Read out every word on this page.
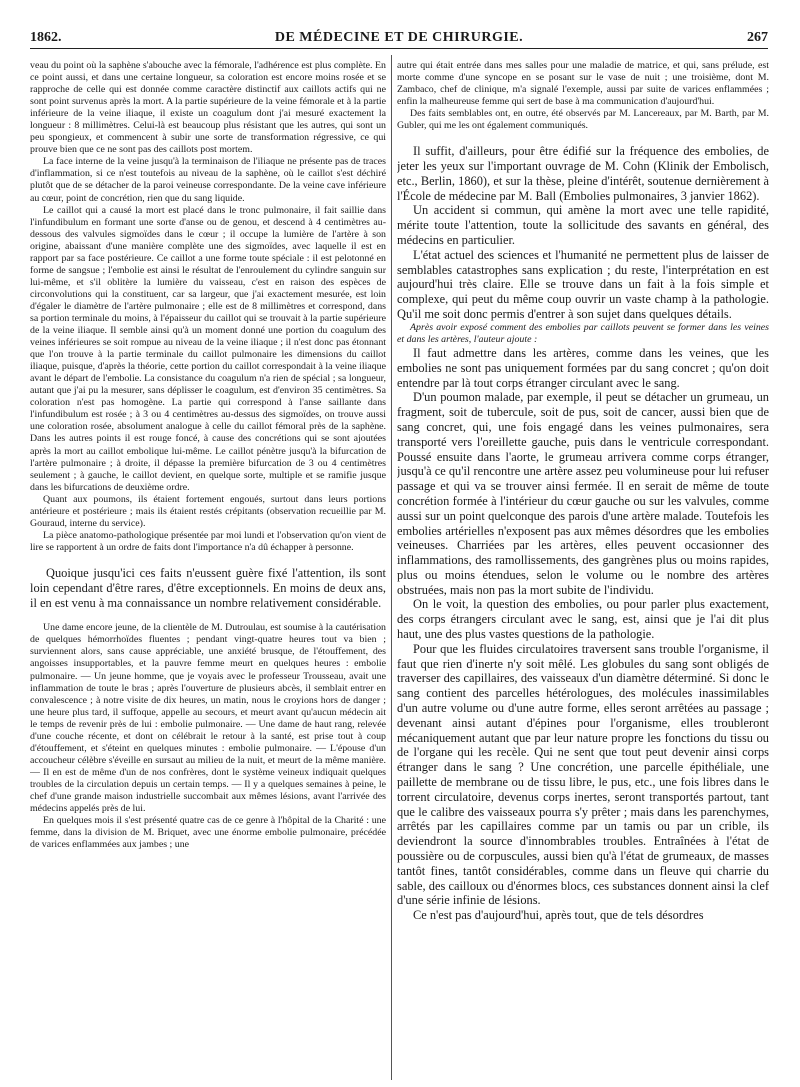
1862.	DE MÉDECINE ET DE CHIRURGIE.	267

veau du point où la saphène s'abouche avec la fémorale, l'adhérence est plus complète. En ce point aussi, et dans une certaine longueur, sa coloration est encore moins rosée et se rapproche de celle qui est donnée comme caractère distinctif aux caillots actifs qui ne sont point survenus après la mort. A la partie supérieure de la veine fémorale et à la partie inférieure de la veine iliaque, il existe un coagulum dont j'ai mesuré exactement la longueur : 8 millimètres. Celui-là est beaucoup plus résistant que les autres, qui sont un peu spongieux, et commencent à subir une sorte de transformation régressive, ce qui prouve bien que ce ne sont pas des caillots post mortem.

La face interne de la veine jusqu'à la terminaison de l'iliaque ne présente pas de traces d'inflammation, si ce n'est toutefois au niveau de la saphène, où le caillot s'est déchiré plutôt que de se détacher de la paroi veineuse correspondante. De la veine cave inférieure au cœur, point de concrétion, rien que du sang liquide.

Le caillot qui a causé la mort est placé dans le tronc pulmonaire, il fait saillie dans l'infundibulum en formant une sorte d'anse ou de genou, et descend à 4 centimètres au-dessous des valvules sigmoïdes dans le cœur ; il occupe la lumière de l'artère à son origine, abaissant d'une manière complète une des sigmoïdes, avec laquelle il est en rapport par sa face postérieure. Ce caillot a une forme toute spéciale : il est pelotonné en forme de sangsue ; l'embolie est ainsi le résultat de l'enroulement du cylindre sanguin sur lui-même, et s'il oblitère la lumière du vaisseau, c'est en raison des espèces de circonvolutions qui la constituent, car sa largeur, que j'ai exactement mesurée, est loin d'égaler le diamètre de l'artère pulmonaire ; elle est de 8 millimètres et correspond, dans sa portion terminale du moins, à l'épaisseur du caillot qui se trouvait à la partie supérieure de la veine iliaque. Il semble ainsi qu'à un moment donné une portion du coagulum des veines inférieures se soit rompue au niveau de la veine iliaque ; il n'est donc pas étonnant que l'on trouve à la partie terminale du caillot pulmonaire les dimensions du caillot iliaque, puisque, d'après la théorie, cette portion du caillot correspondait à la veine iliaque avant le départ de l'embolie. La consistance du coagulum n'a rien de spécial ; sa longueur, autant que j'ai pu la mesurer, sans déplisser le coagulum, est d'environ 35 centimètres. Sa coloration n'est pas homogène. La partie qui correspond à l'anse saillante dans l'infundibulum est rosée ; à 3 ou 4 centimètres au-dessus des sigmoïdes, on trouve aussi une coloration rosée, absolument analogue à celle du caillot fémoral près de la saphène. Dans les autres points il est rouge foncé, à cause des concrétions qui se sont ajoutées après la mort au caillot embolique lui-même. Le caillot pénètre jusqu'à la bifurcation de l'artère pulmonaire ; à droite, il dépasse la première bifurcation de 3 ou 4 centimètres seulement ; à gauche, le caillot devient, en quelque sorte, multiple et se ramifie jusque dans les bifurcations de deuxième ordre.

Quant aux poumons, ils étaient fortement engoués, surtout dans leurs portions antérieure et postérieure ; mais ils étaient restés crépitants (observation recueillie par M. Gouraud, interne du service).

La pièce anatomo-pathologique présentée par moi lundi et l'observation qu'on vient de lire se rapportent à un ordre de faits dont l'importance n'a dû échapper à personne.

Quoique jusqu'ici ces faits n'eussent guère fixé l'attention, ils sont loin cependant d'être rares, d'être exceptionnels. En moins de deux ans, il en est venu à ma connaissance un nombre relativement considérable.

Une dame encore jeune, de la clientèle de M. Dutroulau, est soumise à la cautérisation de quelques hémorrhoïdes fluentes ; pendant vingt-quatre heures tout va bien ; surviennent alors, sans cause appréciable, une anxiété brusque, de l'étouffement, des angoisses insupportables, et la pauvre femme meurt en quelques heures : embolie pulmonaire. — Un jeune homme, que je voyais avec le professeur Trousseau, avait une inflammation de toute le bras ; après l'ouverture de plusieurs abcès, il semblait entrer en convalescence ; à notre visite de dix heures, un matin, nous le croyions hors de danger ; une heure plus tard, il suffoque, appelle au secours, et meurt avant qu'aucun médecin ait le temps de revenir près de lui : embolie pulmonaire. — Une dame de haut rang, relevée d'une couche récente, et dont on célébrait le retour à la santé, est prise tout à coup d'étouffement, et s'éteint en quelques minutes : embolie pulmonaire. — L'épouse d'un accoucheur célèbre s'éveille en sursaut au milieu de la nuit, et meurt de la même manière. — Il en est de même d'un de nos confrères, dont le système veineux indiquait quelques troubles de la circulation depuis un certain temps. — Il y a quelques semaines à peine, le chef d'une grande maison industrielle succombait aux mêmes lésions, avant l'arrivée des médecins appelés près de lui.

En quelques mois il s'est présenté quatre cas de ce genre à l'hôpital de la Charité : une femme, dans la division de M. Briquet, avec une énorme embolie pulmonaire, précédée de varices enflammées aux jambes ; une

autre qui était entrée dans mes salles pour une maladie de matrice, et qui, sans prélude, est morte comme d'une syncope en se posant sur le vase de nuit ; une troisième, dont M. Zambaco, chef de clinique, m'a signalé l'exemple, aussi par suite de varices enflammées ; enfin la malheureuse femme qui sert de base à ma communication d'aujourd'hui.

Des faits semblables ont, en outre, été observés par M. Lancereaux, par M. Barth, par M. Gubler, qui me les ont également communiqués.

Il suffit, d'ailleurs, pour être édifié sur la fréquence des embolies, de jeter les yeux sur l'important ouvrage de M. Cohn (Klinik der Embolisch, etc., Berlin, 1860), et sur la thèse, pleine d'intérêt, soutenue dernièrement à l'École de médecine par M. Ball (Embolies pulmonaires, 3 janvier 1862).

Un accident si commun, qui amène la mort avec une telle rapidité, mérite toute l'attention, toute la sollicitude des savants en général, des médecins en particulier.

L'état actuel des sciences et l'humanité ne permettent plus de laisser de semblables catastrophes sans explication ; du reste, l'interprétation en est aujourd'hui très claire. Elle se trouve dans un fait à la fois simple et complexe, qui peut du même coup ouvrir un vaste champ à la pathologie. Qu'il me soit donc permis d'entrer à son sujet dans quelques détails.

Après avoir exposé comment des embolies par caillots peuvent se former dans les veines et dans les artères, l'auteur ajoute :

Il faut admettre dans les artères, comme dans les veines, que les embolies ne sont pas uniquement formées par du sang concret ; qu'on doit entendre par là tout corps étranger circulant avec le sang.

D'un poumon malade, par exemple, il peut se détacher un grumeau, un fragment, soit de tubercule, soit de pus, soit de cancer, aussi bien que de sang concret, qui, une fois engagé dans les veines pulmonaires, sera transporté vers l'oreillette gauche, puis dans le ventricule correspondant. Poussé ensuite dans l'aorte, le grumeau arrivera comme corps étranger, jusqu'à ce qu'il rencontre une artère assez peu volumineuse pour lui refuser passage et qui va se trouver ainsi fermée. Il en serait de même de toute concrétion formée à l'intérieur du cœur gauche ou sur les valvules, comme aussi sur un point quelconque des parois d'une artère malade. Toutefois les embolies artérielles n'exposent pas aux mêmes désordres que les embolies veineuses. Charriées par les artères, elles peuvent occasionner des inflammations, des ramollissements, des gangrènes plus ou moins rapides, plus ou moins étendues, selon le volume ou le nombre des artères obstruées, mais non pas la mort subite de l'individu.

On le voit, la question des embolies, ou pour parler plus exactement, des corps étrangers circulant avec le sang, est, ainsi que je l'ai dit plus haut, une des plus vastes questions de la pathologie.

Pour que les fluides circulatoires traversent sans trouble l'organisme, il faut que rien d'inerte n'y soit mêlé. Les globules du sang sont obligés de traverser des capillaires, des vaisseaux d'un diamètre déterminé. Si donc le sang contient des parcelles hétérologues, des molécules inassimilables d'un autre volume ou d'une autre forme, elles seront arrêtées au passage ; devenant ainsi autant d'épines pour l'organisme, elles troubleront mécaniquement autant que par leur nature propre les fonctions du tissu ou de l'organe qui les recèle. Qui ne sent que tout peut devenir ainsi corps étranger dans le sang ? Une concrétion, une parcelle épithéliale, une paillette de membrane ou de tissu libre, le pus, etc., une fois libres dans le torrent circulatoire, devenus corps inertes, seront transportés partout, tant que le calibre des vaisseaux pourra s'y prêter ; mais dans les parenchymes, arrêtés par les capillaires comme par un tamis ou par un crible, ils deviendront la source d'innombrables troubles. Entraînées à l'état de poussière ou de corpuscules, aussi bien qu'à l'état de grumeaux, de masses tantôt fines, tantôt considérables, comme dans un fleuve qui charrie du sable, des cailloux ou d'énormes blocs, ces substances donnent ainsi la clef d'une série infinie de lésions.

Ce n'est pas d'aujourd'hui, après tout, que de tels désordres
